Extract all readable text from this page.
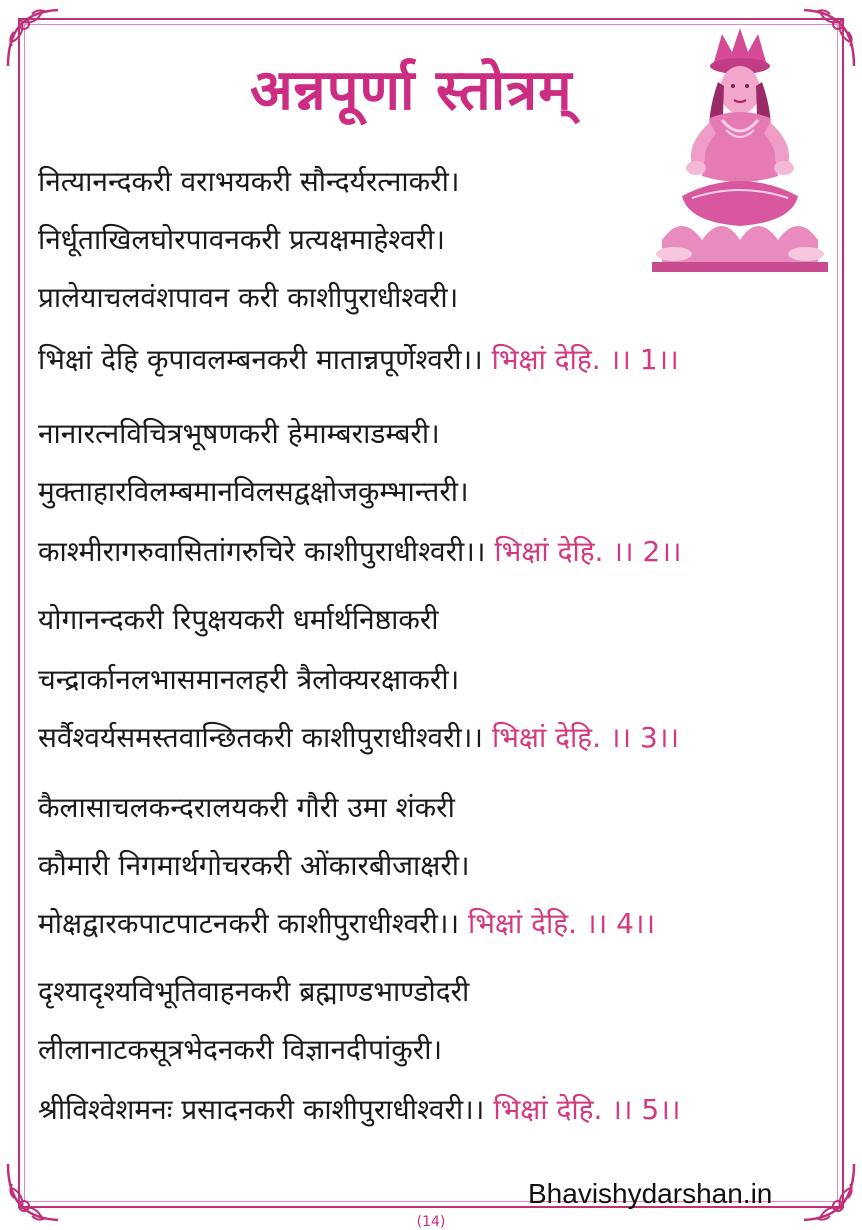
अन्नपूर्णा स्तोत्रम्
नित्यानन्दकरी वराभयकरी सौन्दर्यरत्नाकरी।
निर्धूताखिलघोरपावनकरी प्रत्यक्षमाहेश्वरी।
प्रालेयाचलवंशपावन करी काशीपुराधीश्वरी।
भिक्षां देहि कृपावलम्बनकरी मातान्नपूर्णेश्वरी।। भिक्षां देहि. ।। 1।।
नानारत्नविचित्रभूषणकरी हेमाम्बराडम्बरी।
मुक्ताहारविलम्बमानविलसद्वक्षोजकुम्भान्तरी।
काश्मीरागरुवासितांगरुचिरे काशीपुराधीश्वरी।। भिक्षां देहि. ।। 2।।
योगानन्दकरी रिपुक्षयकरी धर्मार्थनिष्ठाकरी
चन्द्रार्कानलभासमानलहरी त्रैलोक्यरक्षाकरी।
सर्वैश्वर्यसमस्तवान्छितकरी काशीपुराधीश्वरी।। भिक्षां देहि. ।। 3।।
कैलासाचलकन्दरालयकरी गौरी उमा शंकरी
कौमारी निगमार्थगोचरकरी ओंकारबीजाक्षरी।
मोक्षद्वारकपाटपाटनकरी काशीपुराधीश्वरी।। भिक्षां देहि. ।। 4।।
दृश्यादृश्यविभूतिवाहनकरी ब्रह्माण्डभाण्डोदरी
लीलानाटकसूत्रभेदनकरी विज्ञानदीपांकुरी।
श्रीविश्वेशमनः प्रसादनकरी काशीपुराधीश्वरी।। भिक्षां देहि. ।। 5।।
Bhavishydarshan.in
(14)
